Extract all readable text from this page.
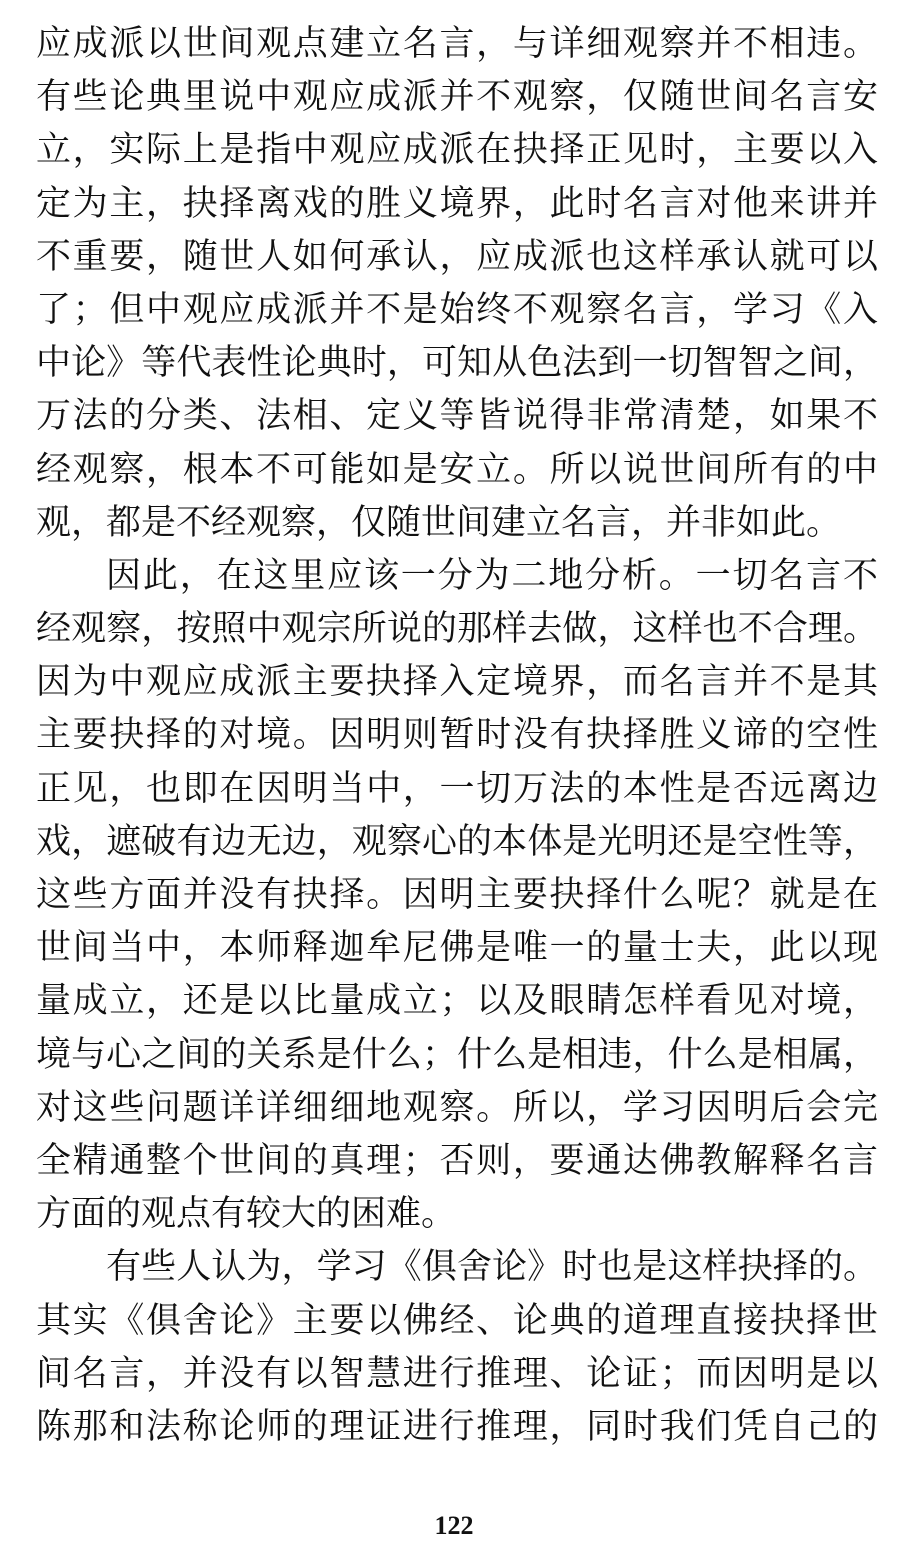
应成派以世间观点建立名言，与详细观察并不相违。
有些论典里说中观应成派并不观察，仅随世间名言安
立，实际上是指中观应成派在抉择正见时，主要以入
定为主，抉择离戏的胜义境界，此时名言对他来讲并
不重要，随世人如何承认，应成派也这样承认就可以
了；但中观应成派并不是始终不观察名言，学习《入
中论》等代表性论典时，可知从色法到一切智智之间，
万法的分类、法相、定义等皆说得非常清楚，如果不
经观察，根本不可能如是安立。所以说世间所有的中
观，都是不经观察，仅随世间建立名言，并非如此。
因此，在这里应该一分为二地分析。一切名言不
经观察，按照中观宗所说的那样去做，这样也不合理。
因为中观应成派主要抉择入定境界，而名言并不是其
主要抉择的对境。因明则暂时没有抉择胜义谛的空性
正见，也即在因明当中，一切万法的本性是否远离边
戏，遮破有边无边，观察心的本体是光明还是空性等，
这些方面并没有抉择。因明主要抉择什么呢？就是在
世间当中，本师释迦牟尼佛是唯一的量士夫，此以现
量成立，还是以比量成立；以及眼睛怎样看见对境，
境与心之间的关系是什么；什么是相违，什么是相属，
对这些问题详详细细地观察。所以，学习因明后会完
全精通整个世间的真理；否则，要通达佛教解释名言
方面的观点有较大的困难。
有些人认为，学习《俱舍论》时也是这样抉择的。
其实《俱舍论》主要以佛经、论典的道理直接抉择世
间名言，并没有以智慧进行推理、论证；而因明是以
陈那和法称论师的理证进行推理，同时我们凭自己的
122
